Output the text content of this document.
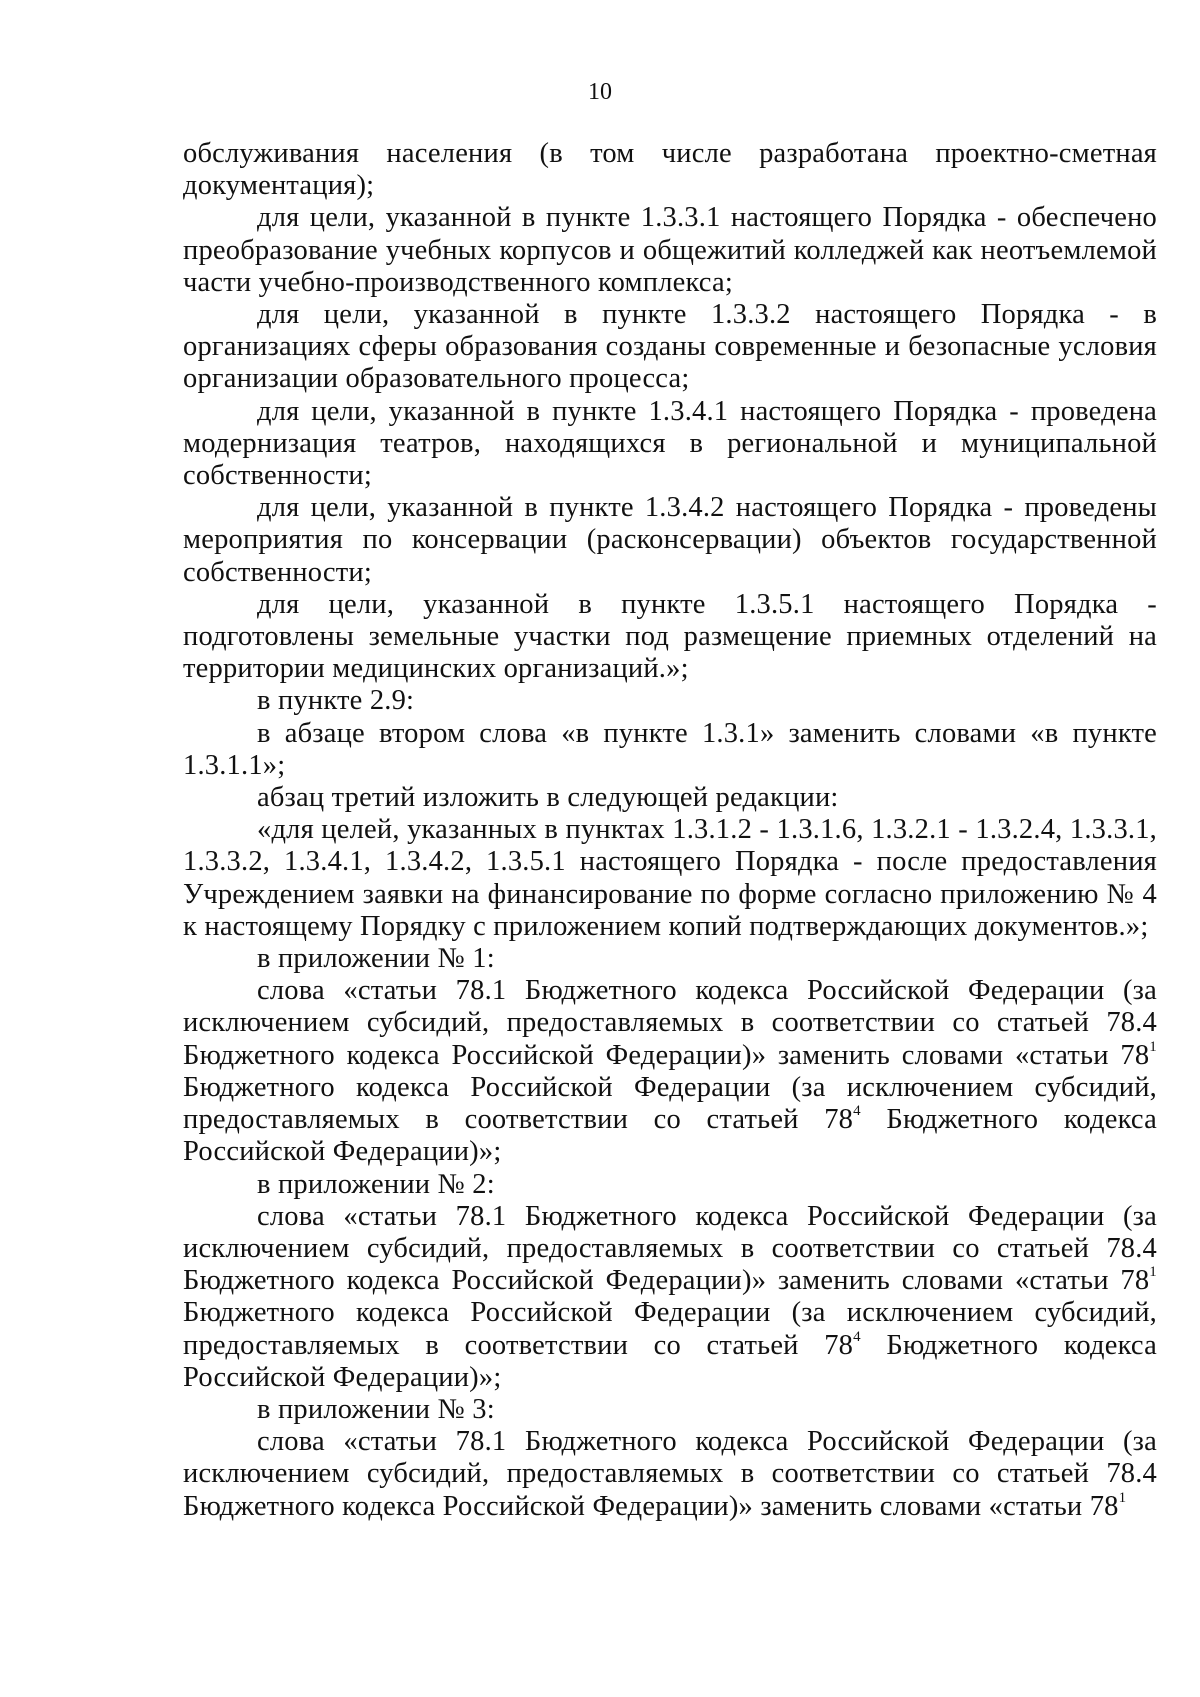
10

обслуживания населения (в том числе разработана проектно-сметная документация);

для цели, указанной в пункте 1.3.3.1 настоящего Порядка - обеспечено преобразование учебных корпусов и общежитий колледжей как неотъемлемой части учебно-производственного комплекса;

для цели, указанной в пункте 1.3.3.2 настоящего Порядка - в организациях сферы образования созданы современные и безопасные условия организации образовательного процесса;

для цели, указанной в пункте 1.3.4.1 настоящего Порядка - проведена модернизация театров, находящихся в региональной и муниципальной собственности;

для цели, указанной в пункте 1.3.4.2 настоящего Порядка - проведены мероприятия по консервации (расконсервации) объектов государственной собственности;

для цели, указанной в пункте 1.3.5.1 настоящего Порядка - подготовлены земельные участки под размещение приемных отделений на территории медицинских организаций.»;

в пункте 2.9:

в абзаце втором слова «в пункте 1.3.1» заменить словами «в пункте 1.3.1.1»;

абзац третий изложить в следующей редакции:

«для целей, указанных в пунктах 1.3.1.2 - 1.3.1.6, 1.3.2.1 - 1.3.2.4, 1.3.3.1, 1.3.3.2, 1.3.4.1, 1.3.4.2, 1.3.5.1 настоящего Порядка - после предоставления Учреждением заявки на финансирование по форме согласно приложению № 4 к настоящему Порядку с приложением копий подтверждающих документов.»;

в приложении № 1:

слова «статьи 78.1 Бюджетного кодекса Российской Федерации (за исключением субсидий, предоставляемых в соответствии со статьей 78.4 Бюджетного кодекса Российской Федерации)» заменить словами «статьи $78^1$ Бюджетного кодекса Российской Федерации (за исключением субсидий, предоставляемых в соответствии со статьей $78^4$ Бюджетного кодекса Российской Федерации)»;

в приложении № 2:

слова «статьи 78.1 Бюджетного кодекса Российской Федерации (за исключением субсидий, предоставляемых в соответствии со статьей 78.4 Бюджетного кодекса Российской Федерации)» заменить словами «статьи $78^1$ Бюджетного кодекса Российской Федерации (за исключением субсидий, предоставляемых в соответствии со статьей $78^4$ Бюджетного кодекса Российской Федерации)»;

в приложении № 3:

слова «статьи 78.1 Бюджетного кодекса Российской Федерации (за исключением субсидий, предоставляемых в соответствии со статьей 78.4 Бюджетного кодекса Российской Федерации)» заменить словами «статьи $78^1$
